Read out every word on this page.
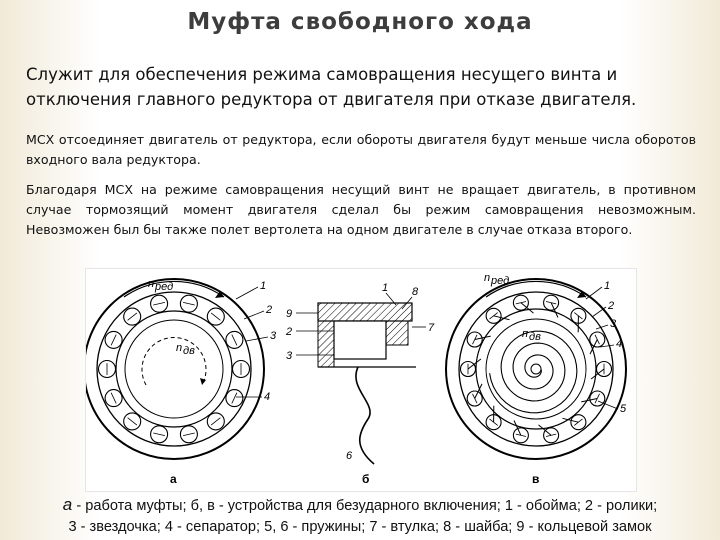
Муфта свободного хода
Служит для обеспечения режима самовращения несущего винта и отключения главного редуктора от двигателя при отказе двигателя.
МСХ отсоединяет двигатель от редуктора, если обороты двигателя будут меньше числа оборотов входного вала редуктора.
Благодаря МСХ на режиме самовращения несущий винт не вращает двигатель, в противном случае тормозящий момент двигателя сделал бы режим самовращения невозможным. Невозможен был бы также полет вертолета на одном двигателе в случае отказа второго.
n ред
n дв
1
2
3
4
а
9
2
3
1 8
7
6
б
n ред
п дв
1
2
3
4
5
в
а - работа муфты; б, в - устройства для безударного включения; 1 - обойма; 2 - ролики;
3 - звездочка; 4 - сепаратор; 5, 6 - пружины; 7 - втулка; 8 - шайба; 9 - кольцевой замок
